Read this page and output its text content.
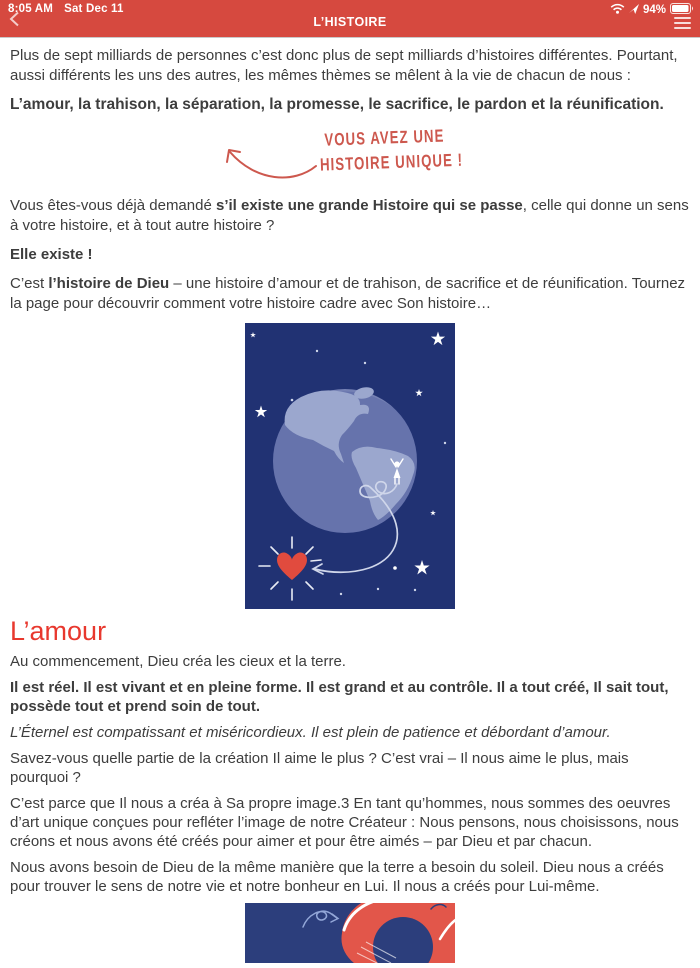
8:05 AM Sat Dec 11	94%
L’HISTOIRE

Plus de sept milliards de personnes c’est donc plus de sept milliards d’histoires différentes. Pourtant, aussi différents les uns des autres, les mêmes thèmes se mêlent à la vie de chacun de nous :

L’amour, la trahison, la séparation, la promesse, le sacrifice, le pardon et la réunification.

VOUS AVEZ UNE
HISTOIRE UNIQUE !

Vous êtes-vous déjà demandé s’il existe une grande Histoire qui se passe, celle qui donne un sens à votre histoire, et à tout autre histoire ?

Elle existe !

C’est l’histoire de Dieu – une histoire d’amour et de trahison, de sacrifice et de réunification. Tournez la page pour découvrir comment votre histoire cadre avec Son histoire…

L’amour

Au commencement, Dieu créa les cieux et la terre.

Il est réel. Il est vivant et en pleine forme. Il est grand et au contrôle. Il a tout créé, Il sait tout, possède tout et prend soin de tout.

L’Éternel est compatissant et miséricordieux. Il est plein de patience et débordant d’amour.

Savez-vous quelle partie de la création Il aime le plus ? C’est vrai – Il nous aime le plus, mais pourquoi ?

C’est parce que Il nous a créa à Sa propre image.3 En tant qu’hommes, nous sommes des oeuvres d’art unique conçues pour refléter l’image de notre Créateur : Nous pensons, nous choisissons, nous créons et nous avons été créés pour aimer et pour être aimés – par Dieu et par chacun.

Nous avons besoin de Dieu de la même manière que la terre a besoin du soleil. Dieu nous a créés pour trouver le sens de notre vie et notre bonheur en Lui. Il nous a créés pour Lui-même.
